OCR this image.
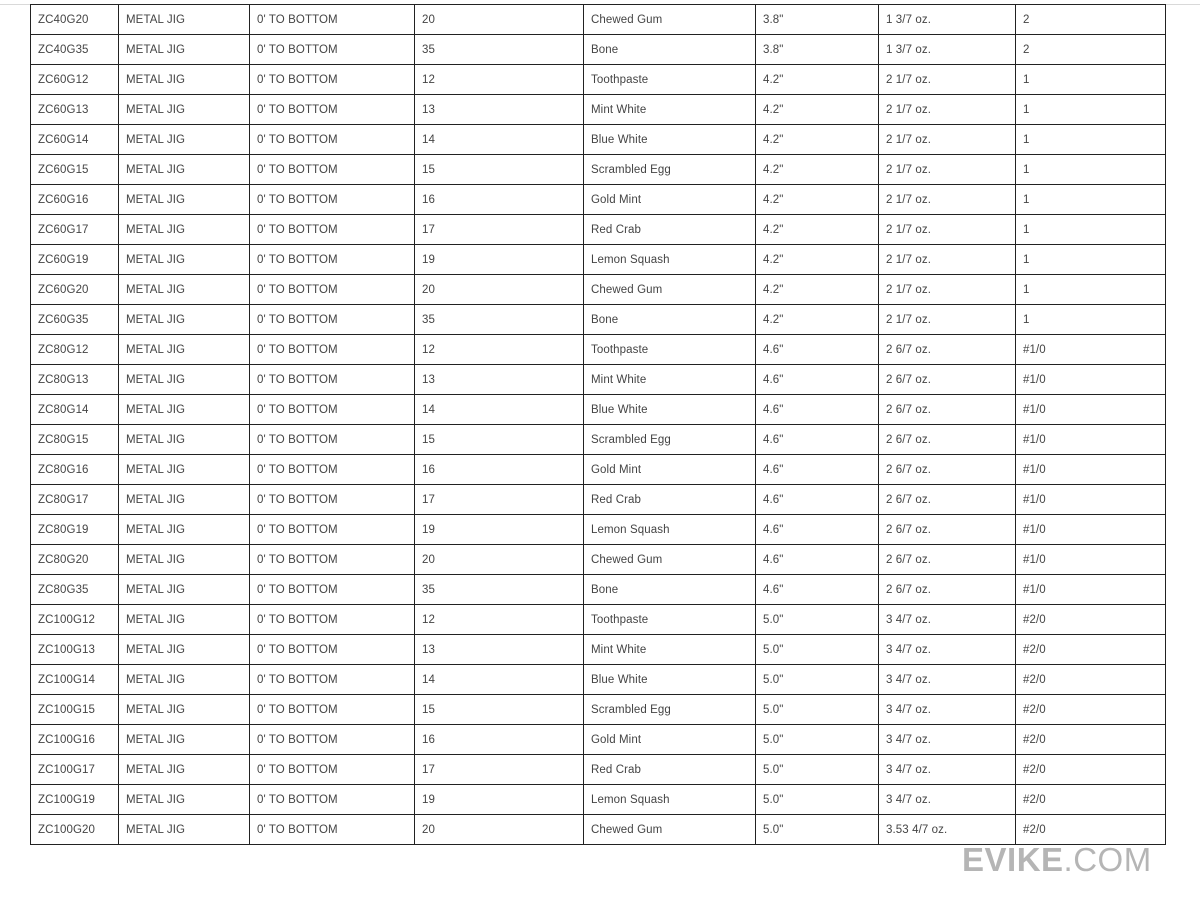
ZC40G20	METAL JIG	0' TO BOTTOM	20	Chewed Gum	3.8"	1 3/7 oz.	2
ZC40G35	METAL JIG	0' TO BOTTOM	35	Bone	3.8"	1 3/7 oz.	2
ZC60G12	METAL JIG	0' TO BOTTOM	12	Toothpaste	4.2"	2 1/7 oz.	1
ZC60G13	METAL JIG	0' TO BOTTOM	13	Mint White	4.2"	2 1/7 oz.	1
ZC60G14	METAL JIG	0' TO BOTTOM	14	Blue White	4.2"	2 1/7 oz.	1
ZC60G15	METAL JIG	0' TO BOTTOM	15	Scrambled Egg	4.2"	2 1/7 oz.	1
ZC60G16	METAL JIG	0' TO BOTTOM	16	Gold Mint	4.2"	2 1/7 oz.	1
ZC60G17	METAL JIG	0' TO BOTTOM	17	Red Crab	4.2"	2 1/7 oz.	1
ZC60G19	METAL JIG	0' TO BOTTOM	19	Lemon Squash	4.2"	2 1/7 oz.	1
ZC60G20	METAL JIG	0' TO BOTTOM	20	Chewed Gum	4.2"	2 1/7 oz.	1
ZC60G35	METAL JIG	0' TO BOTTOM	35	Bone	4.2"	2 1/7 oz.	1
ZC80G12	METAL JIG	0' TO BOTTOM	12	Toothpaste	4.6"	2 6/7 oz.	#1/0
ZC80G13	METAL JIG	0' TO BOTTOM	13	Mint White	4.6"	2 6/7 oz.	#1/0
ZC80G14	METAL JIG	0' TO BOTTOM	14	Blue White	4.6"	2 6/7 oz.	#1/0
ZC80G15	METAL JIG	0' TO BOTTOM	15	Scrambled Egg	4.6"	2 6/7 oz.	#1/0
ZC80G16	METAL JIG	0' TO BOTTOM	16	Gold Mint	4.6"	2 6/7 oz.	#1/0
ZC80G17	METAL JIG	0' TO BOTTOM	17	Red Crab	4.6"	2 6/7 oz.	#1/0
ZC80G19	METAL JIG	0' TO BOTTOM	19	Lemon Squash	4.6"	2 6/7 oz.	#1/0
ZC80G20	METAL JIG	0' TO BOTTOM	20	Chewed Gum	4.6"	2 6/7 oz.	#1/0
ZC80G35	METAL JIG	0' TO BOTTOM	35	Bone	4.6"	2 6/7 oz.	#1/0
ZC100G12	METAL JIG	0' TO BOTTOM	12	Toothpaste	5.0"	3 4/7 oz.	#2/0
ZC100G13	METAL JIG	0' TO BOTTOM	13	Mint White	5.0"	3 4/7 oz.	#2/0
ZC100G14	METAL JIG	0' TO BOTTOM	14	Blue White	5.0"	3 4/7 oz.	#2/0
ZC100G15	METAL JIG	0' TO BOTTOM	15	Scrambled Egg	5.0"	3 4/7 oz.	#2/0
ZC100G16	METAL JIG	0' TO BOTTOM	16	Gold Mint	5.0"	3 4/7 oz.	#2/0
ZC100G17	METAL JIG	0' TO BOTTOM	17	Red Crab	5.0"	3 4/7 oz.	#2/0
ZC100G19	METAL JIG	0' TO BOTTOM	19	Lemon Squash	5.0"	3 4/7 oz.	#2/0
ZC100G20	METAL JIG	0' TO BOTTOM	20	Chewed Gum	5.0"	3.53 4/7 oz.	#2/0
EVIKE.COM
